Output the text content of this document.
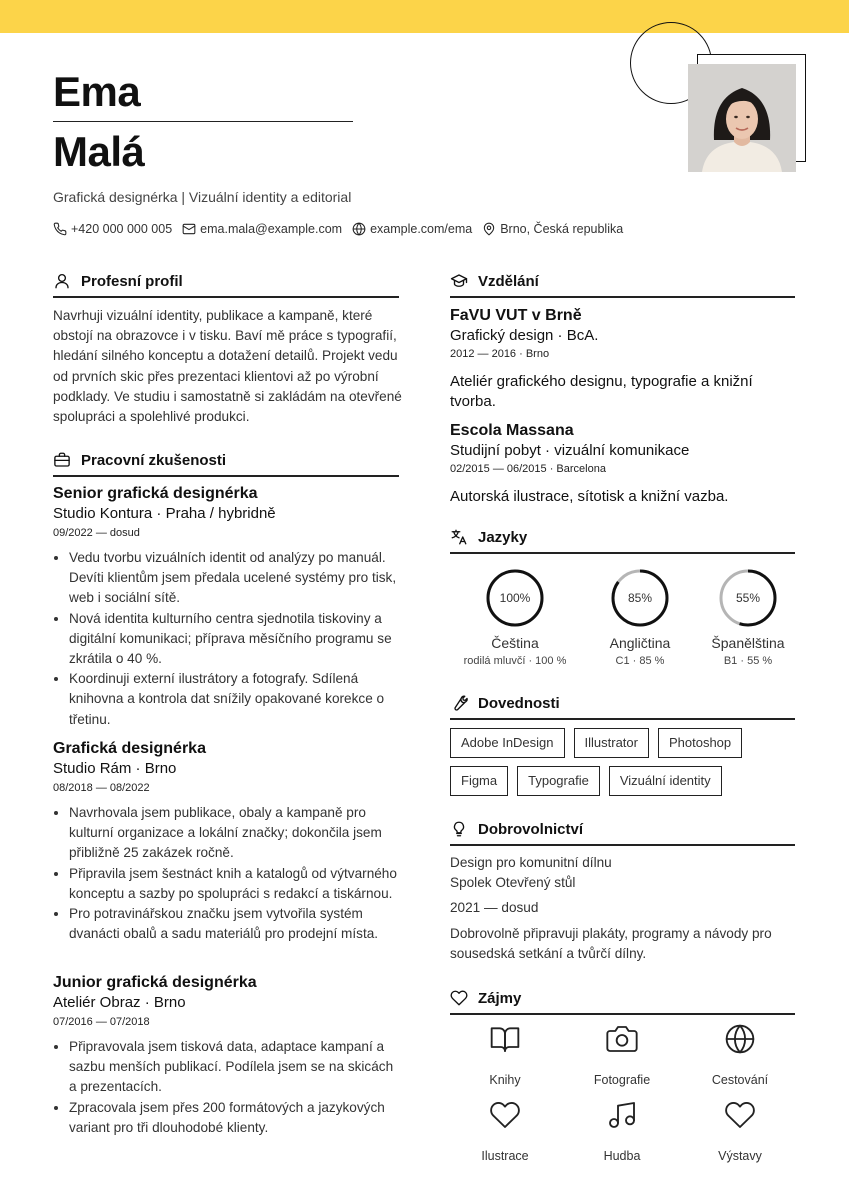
Ema
Malá
Grafická designérka | Vizuální identity a editorial
+420 000 000 005 ema.mala@example.com example.com/ema Brno, Česká republika
Profesní profil
Navrhuji vizuální identity, publikace a kampaně, které obstojí na obrazovce i v tisku. Baví mě práce s typografií, hledání silného konceptu a dotažení detailů. Projekt vedu od prvních skic přes prezentaci klientovi až po výrobní podklady. Ve studiu i samostatně si zakládám na otevřené spolupráci a spolehlivé produkci.
Pracovní zkušenosti
Senior grafická designérka
Studio Kontura · Praha / hybridně
09/2022 — dosud
• Vedu tvorbu vizuálních identit od analýzy po manuál. Devíti klientům jsem předala ucelené systémy pro tisk, web i sociální sítě.
• Nová identita kulturního centra sjednotila tiskoviny a digitální komunikaci; příprava měsíčního programu se zkrátila o 40 %.
• Koordinuji externí ilustrátory a fotografy. Sdílená knihovna a kontrola dat snížily opakované korekce o třetinu.
Grafická designérka
Studio Rám · Brno
08/2018 — 08/2022
• Navrhovala jsem publikace, obaly a kampaně pro kulturní organizace a lokální značky; dokončila jsem přibližně 25 zakázek ročně.
• Připravila jsem šestnáct knih a katalogů od výtvarného konceptu a sazby po spolupráci s redakcí a tiskárnou.
• Pro potravinářskou značku jsem vytvořila systém dvanácti obalů a sadu materiálů pro prodejní místa.
Junior grafická designérka
Ateliér Obraz · Brno
07/2016 — 07/2018
• Připravovala jsem tisková data, adaptace kampaní a sazbu menších publikací. Podílela jsem se na skicách a prezentacích.
• Zpracovala jsem přes 200 formátových a jazykových variant pro tři dlouhodobé klienty.
Vzdělání
FaVU VUT v Brně
Grafický design · BcA.
2012 — 2016 · Brno
Ateliér grafického designu, typografie a knižní tvorba.
Escola Massana
Studijní pobyt · vizuální komunikace
02/2015 — 06/2015 · Barcelona
Autorská ilustrace, sítotisk a knižní vazba.
Jazyky
100%
Čeština
rodilá mluvčí · 100 %
85%
Angličtina
C1 · 85 %
55%
Španělština
B1 · 55 %
Dovednosti
Adobe InDesign	Illustrator	Photoshop
Figma	Typografie	Vizuální identity
Dobrovolnictví
Design pro komunitní dílnu
Spolek Otevřený stůl
2021 — dosud
Dobrovolně připravuji plakáty, programy a návody pro sousedská setkání a tvůrčí dílny.
Zájmy
Knihy	Fotografie	Cestování
Ilustrace	Hudba	Výstavy
